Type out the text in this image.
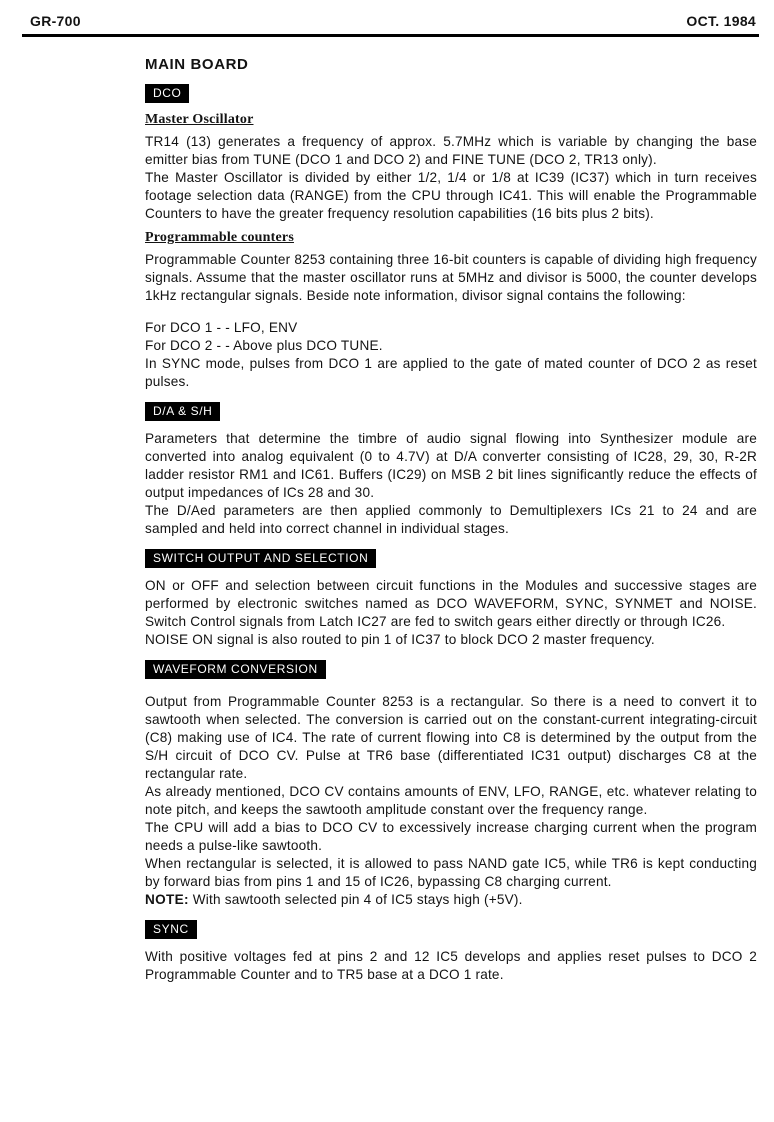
GR-700	OCT. 1984
MAIN BOARD
DCO
Master Oscillator

TR14 (13) generates a frequency of approx. 5.7MHz which is variable by changing the base emitter bias from TUNE (DCO 1 and DCO 2) and FINE TUNE (DCO 2, TR13 only).

The Master Oscillator is divided by either 1/2, 1/4 or 1/8 at IC39 (IC37) which in turn receives footage selection data (RANGE) from the CPU through IC41. This will enable the Programmable Counters to have the greater frequency resolution capabilities (16 bits plus 2 bits).

Programmable counters

Programmable Counter 8253 containing three 16-bit counters is capable of dividing high frequency signals. Assume that the master oscillator runs at 5MHz and divisor is 5000, the counter develops 1kHz rectangular signals. Beside note information, divisor signal contains the following:

For DCO 1 - - LFO, ENV

For DCO 2 - - Above plus DCO TUNE.

In SYNC mode, pulses from DCO 1 are applied to the gate of mated counter of DCO 2 as reset pulses.

D/A & S/H

Parameters that determine the timbre of audio signal flowing into Synthesizer module are converted into analog equivalent (0 to 4.7V) at D/A converter consisting of IC28, 29, 30, R-2R ladder resistor RM1 and IC61. Buffers (IC29) on MSB 2 bit lines significantly reduce the effects of output impedances of ICs 28 and 30.

The D/Aed parameters are then applied commonly to Demultiplexers ICs 21 to 24 and are sampled and held into correct channel in individual stages.

SWITCH OUTPUT AND SELECTION

ON or OFF and selection between circuit functions in the Modules and successive stages are performed by electronic switches named as DCO WAVEFORM, SYNC, SYNMET and NOISE. Switch Control signals from Latch IC27 are fed to switch gears either directly or through IC26.

NOISE ON signal is also routed to pin 1 of IC37 to block DCO 2 master frequency.

WAVEFORM CONVERSION

Output from Programmable Counter 8253 is a rectangular. So there is a need to convert it to sawtooth when selected. The conversion is carried out on the constant-current integrating-circuit (C8) making use of IC4. The rate of current flowing into C8 is determined by the output from the S/H circuit of DCO CV. Pulse at TR6 base (differentiated IC31 output) discharges C8 at the rectangular rate.

As already mentioned, DCO CV contains amounts of ENV, LFO, RANGE, etc. whatever relating to note pitch, and keeps the sawtooth amplitude constant over the frequency range.

The CPU will add a bias to DCO CV to excessively increase charging current when the program needs a pulse-like sawtooth.

When rectangular is selected, it is allowed to pass NAND gate IC5, while TR6 is kept conducting by forward bias from pins 1 and 15 of IC26, bypassing C8 charging current.

NOTE: With sawtooth selected pin 4 of IC5 stays high (+5V).

SYNC

With positive voltages fed at pins 2 and 12 IC5 develops and applies reset pulses to DCO 2 Programmable Counter and to TR5 base at a DCO 1 rate.
